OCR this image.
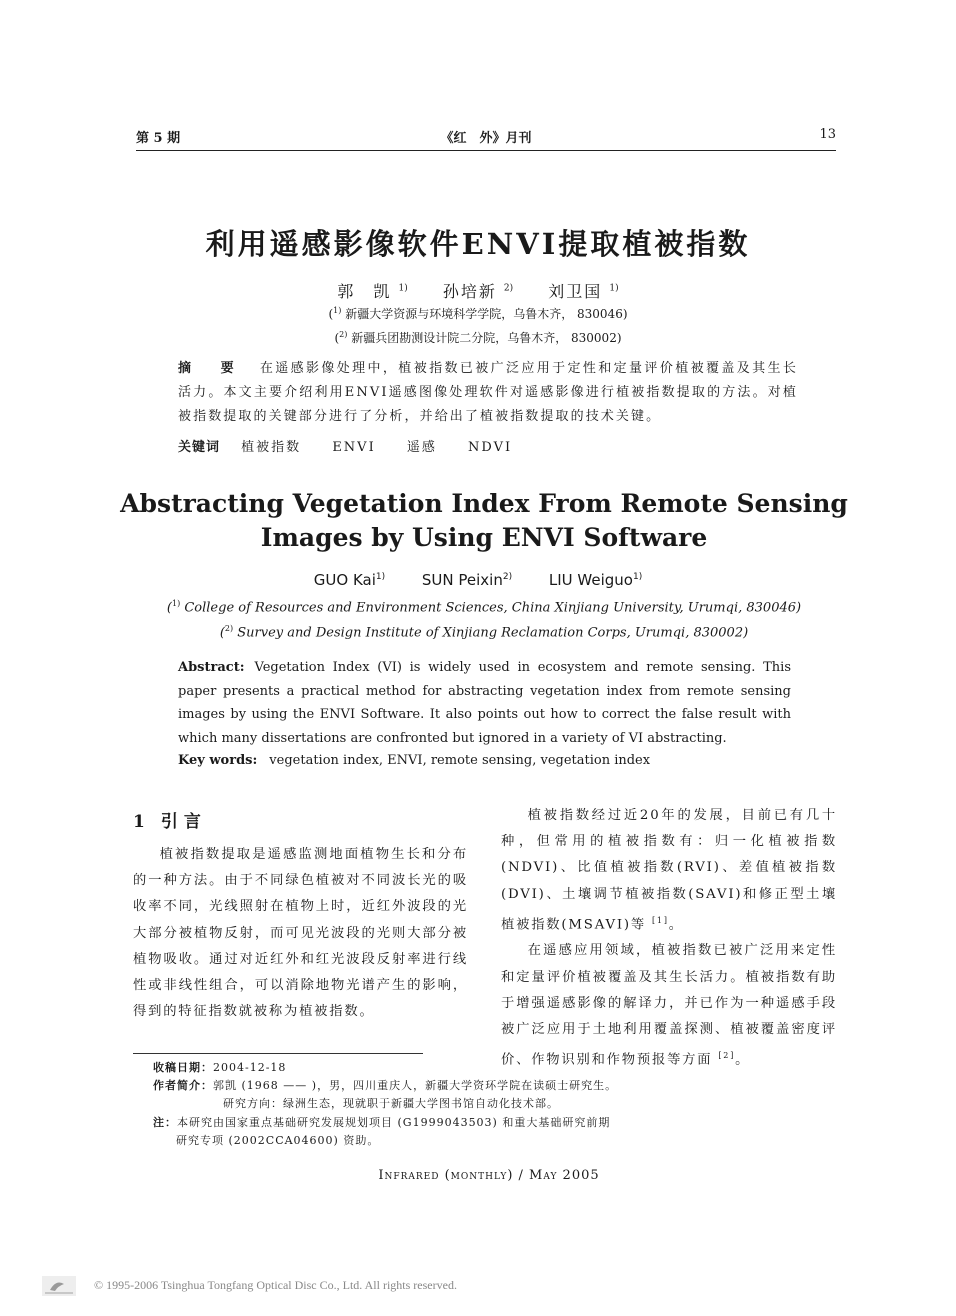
第 5 期	《红　外》月刊	13
利用遥感影像软件ENVI提取植被指数
郭　凯 $^{1)}$ 孙培新 $^{2)}$ 刘卫国 $^{1)}$
($^{1)}$ 新疆大学资源与环境科学学院，乌鲁木齐， 830046)
($^{2)}$ 新疆兵团勘测设计院二分院，乌鲁木齐， 830002)
摘　要 在遥感影像处理中，植被指数已被广泛应用于定性和定量评价植被覆盖及其生长活力。本文主要介绍利用ENVI遥感图像处理软件对遥感影像进行植被指数提取的方法。对植被指数提取的关键部分进行了分析，并给出了植被指数提取的技术关键。
关键词 植被指数 ENVI 遥感 NDVI
Abstracting Vegetation Index From Remote Sensing
Images by Using ENVI Software
GUO Kai$^{1)}$ SUN Peixin$^{2)}$ LIU Weiguo$^{1)}$
($^{1)}$ College of Resources and Environment Sciences, China Xinjiang University, Urumqi, 830046)
($^{2)}$ Survey and Design Institute of Xinjiang Reclamation Corps, Urumqi, 830002)
Abstract: Vegetation Index (VI) is widely used in ecosystem and remote sensing. This paper presents a practical method for abstracting vegetation index from remote sensing images by using the ENVI Software. It also points out how to correct the false result with which many dissertations are confronted but ignored in a variety of VI abstracting.
Key words: vegetation index, ENVI, remote sensing, vegetation index
1 引言

植被指数提取是遥感监测地面植物生长和分布的一种方法。由于不同绿色植被对不同波长光的吸收率不同，光线照射在植物上时，近红外波段的光大部分被植物反射，而可见光波段的光则大部分被植物吸收。通过对近红外和红光波段反射率进行线性或非线性组合，可以消除地物光谱产生的影响，得到的特征指数就被称为植被指数。

植被指数经过近20年的发展，目前已有几十种，但常用的植被指数有：归一化植被指数(NDVI)、比值植被指数(RVI)、差值植被指数(DVI)、土壤调节植被指数(SAVI)和修正型土壤植被指数(MSAVI)等 [1]。

在遥感应用领域，植被指数已被广泛用来定性和定量评价植被覆盖及其生长活力。植被指数有助于增强遥感影像的解译力，并已作为一种遥感手段被广泛应用于土地利用覆盖探测、植被覆盖密度评价、作物识别和作物预报等方面 [2]。

收稿日期：2004-12-18
作者简介：郭凯 (1968 —— )，男，四川重庆人，新疆大学资环学院在读硕士研究生。
研究方向：绿洲生态，现就职于新疆大学图书馆自动化技术部。
注：本研究由国家重点基础研究发展规划项目 (G1999043503) 和重大基础研究前期
研究专项 (2002CCA04600) 资助。
Infrared (monthly) / May 2005
© 1995-2006 Tsinghua Tongfang Optical Disc Co., Ltd. All rights reserved.
